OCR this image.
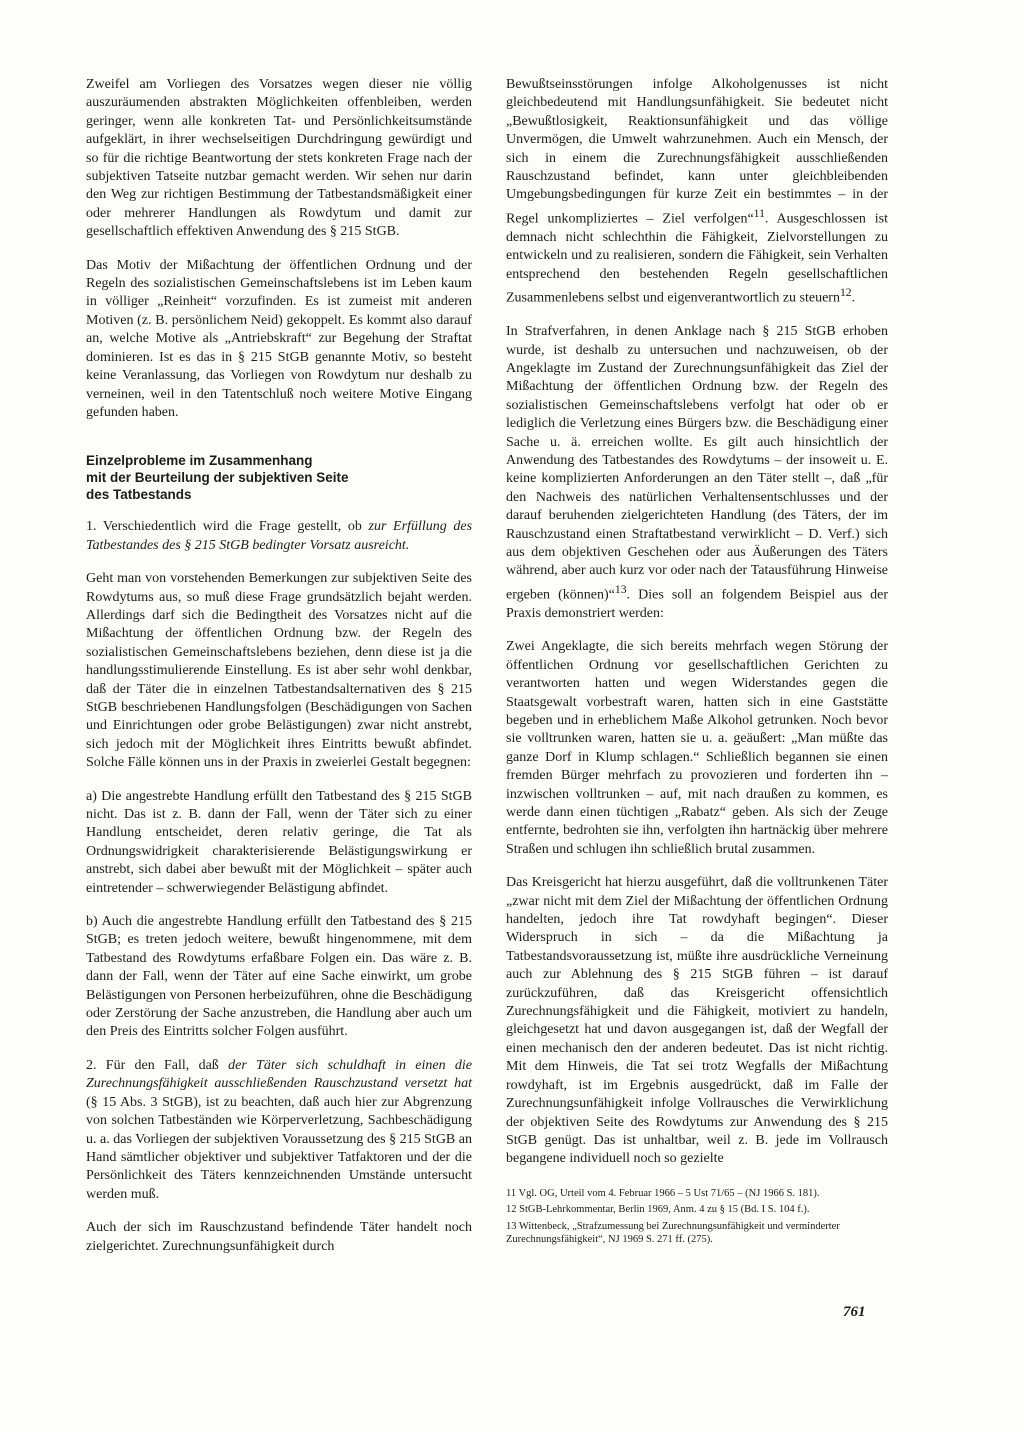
Zweifel am Vorliegen des Vorsatzes wegen dieser nie völlig auszuräumenden abstrakten Möglichkeiten offenbleiben, werden geringer, wenn alle konkreten Tat- und Persönlichkeitsumstände aufgeklärt, in ihrer wechselseitigen Durchdringung gewürdigt und so für die richtige Beantwortung der stets konkreten Frage nach der subjektiven Tatseite nutzbar gemacht werden. Wir sehen nur darin den Weg zur richtigen Bestimmung der Tatbestandsmäßigkeit einer oder mehrerer Handlungen als Rowdytum und damit zur gesellschaftlich effektiven Anwendung des § 215 StGB.

Das Motiv der Mißachtung der öffentlichen Ordnung und der Regeln des sozialistischen Gemeinschaftslebens ist im Leben kaum in völliger „Reinheit“ vorzufinden. Es ist zumeist mit anderen Motiven (z. B. persönlichem Neid) gekoppelt. Es kommt also darauf an, welche Motive als „Antriebskraft“ zur Begehung der Straftat dominieren. Ist es das in § 215 StGB genannte Motiv, so besteht keine Veranlassung, das Vorliegen von Rowdytum nur deshalb zu verneinen, weil in den Tatentschluß noch weitere Motive Eingang gefunden haben.

Einzelprobleme im Zusammenhang
mit der Beurteilung der subjektiven Seite
des Tatbestands

1. Verschiedentlich wird die Frage gestellt, ob zur Erfüllung des Tatbestandes des § 215 StGB bedingter Vorsatz ausreicht.

Geht man von vorstehenden Bemerkungen zur subjektiven Seite des Rowdytums aus, so muß diese Frage grundsätzlich bejaht werden. Allerdings darf sich die Bedingtheit des Vorsatzes nicht auf die Mißachtung der öffentlichen Ordnung bzw. der Regeln des sozialistischen Gemeinschaftslebens beziehen, denn diese ist ja die handlungsstimulierende Einstellung. Es ist aber sehr wohl denkbar, daß der Täter die in einzelnen Tatbestandsalternativen des § 215 StGB beschriebenen Handlungsfolgen (Beschädigungen von Sachen und Einrichtungen oder grobe Belästigungen) zwar nicht anstrebt, sich jedoch mit der Möglichkeit ihres Eintritts bewußt abfindet. Solche Fälle können uns in der Praxis in zweierlei Gestalt begegnen:

a) Die angestrebte Handlung erfüllt den Tatbestand des § 215 StGB nicht. Das ist z. B. dann der Fall, wenn der Täter sich zu einer Handlung entscheidet, deren relativ geringe, die Tat als Ordnungswidrigkeit charakterisierende Belästigungswirkung er anstrebt, sich dabei aber bewußt mit der Möglichkeit – später auch eintretender – schwerwiegender Belästigung abfindet.

b) Auch die angestrebte Handlung erfüllt den Tatbestand des § 215 StGB; es treten jedoch weitere, bewußt hingenommene, mit dem Tatbestand des Rowdytums erfaßbare Folgen ein. Das wäre z. B. dann der Fall, wenn der Täter auf eine Sache einwirkt, um grobe Belästigungen von Personen herbeizuführen, ohne die Beschädigung oder Zerstörung der Sache anzustreben, die Handlung aber auch um den Preis des Eintritts solcher Folgen ausführt.

2. Für den Fall, daß der Täter sich schuldhaft in einen die Zurechnungsfähigkeit ausschließenden Rauschzustand versetzt hat (§ 15 Abs. 3 StGB), ist zu beachten, daß auch hier zur Abgrenzung von solchen Tatbeständen wie Körperverletzung, Sachbeschädigung u. a. das Vorliegen der subjektiven Voraussetzung des § 215 StGB an Hand sämtlicher objektiver und subjektiver Tatfaktoren und der die Persönlichkeit des Täters kennzeichnenden Umstände untersucht werden muß.

Auch der sich im Rauschzustand befindende Täter handelt noch zielgerichtet. Zurechnungsunfähigkeit durch

Bewußtseinsstörungen infolge Alkoholgenusses ist nicht gleichbedeutend mit Handlungsunfähigkeit. Sie bedeutet nicht „Bewußtlosigkeit, Reaktionsunfähigkeit und das völlige Unvermögen, die Umwelt wahrzunehmen. Auch ein Mensch, der sich in einem die Zurechnungsfähigkeit ausschließenden Rauschzustand befindet, kann unter gleichbleibenden Umgebungsbedingungen für kurze Zeit ein bestimmtes – in der Regel unkompliziertes – Ziel verfolgen“$^{11}$. Ausgeschlossen ist demnach nicht schlechthin die Fähigkeit, Zielvorstellungen zu entwickeln und zu realisieren, sondern die Fähigkeit, sein Verhalten entsprechend den bestehenden Regeln gesellschaftlichen Zusammenlebens selbst und eigenverantwortlich zu steuern$^{12}$.

In Strafverfahren, in denen Anklage nach § 215 StGB erhoben wurde, ist deshalb zu untersuchen und nachzuweisen, ob der Angeklagte im Zustand der Zurechnungsunfähigkeit das Ziel der Mißachtung der öffentlichen Ordnung bzw. der Regeln des sozialistischen Gemeinschaftslebens verfolgt hat oder ob er lediglich die Verletzung eines Bürgers bzw. die Beschädigung einer Sache u. ä. erreichen wollte. Es gilt auch hinsichtlich der Anwendung des Tatbestandes des Rowdytums – der insoweit u. E. keine komplizierten Anforderungen an den Täter stellt –, daß „für den Nachweis des natürlichen Verhaltensentschlusses und der darauf beruhenden zielgerichteten Handlung (des Täters, der im Rauschzustand einen Straftatbestand verwirklicht – D. Verf.) sich aus dem objektiven Geschehen oder aus Äußerungen des Täters während, aber auch kurz vor oder nach der Tatausführung Hinweise ergeben (können)“$^{13}$. Dies soll an folgendem Beispiel aus der Praxis demonstriert werden:

Zwei Angeklagte, die sich bereits mehrfach wegen Störung der öffentlichen Ordnung vor gesellschaftlichen Gerichten zu verantworten hatten und wegen Widerstandes gegen die Staatsgewalt vorbestraft waren, hatten sich in eine Gaststätte begeben und in erheblichem Maße Alkohol getrunken. Noch bevor sie volltrunken waren, hatten sie u. a. geäußert: „Man müßte das ganze Dorf in Klump schlagen.“ Schließlich begannen sie einen fremden Bürger mehrfach zu provozieren und forderten ihn – inzwischen volltrunken – auf, mit nach draußen zu kommen, es werde dann einen tüchtigen „Rabatz“ geben. Als sich der Zeuge entfernte, bedrohten sie ihn, verfolgten ihn hartnäckig über mehrere Straßen und schlugen ihn schließlich brutal zusammen.

Das Kreisgericht hat hierzu ausgeführt, daß die volltrunkenen Täter „zwar nicht mit dem Ziel der Mißachtung der öffentlichen Ordnung handelten, jedoch ihre Tat rowdyhaft begingen“. Dieser Widerspruch in sich – da die Mißachtung ja Tatbestandsvoraussetzung ist, müßte ihre ausdrückliche Verneinung auch zur Ablehnung des § 215 StGB führen – ist darauf zurückzuführen, daß das Kreisgericht offensichtlich Zurechnungsfähigkeit und die Fähigkeit, motiviert zu handeln, gleichgesetzt hat und davon ausgegangen ist, daß der Wegfall der einen mechanisch den der anderen bedeutet. Das ist nicht richtig. Mit dem Hinweis, die Tat sei trotz Wegfalls der Mißachtung rowdyhaft, ist im Ergebnis ausgedrückt, daß im Falle der Zurechnungsunfähigkeit infolge Vollrausches die Verwirklichung der objektiven Seite des Rowdytums zur Anwendung des § 215 StGB genügt. Das ist unhaltbar, weil z. B. jede im Vollrausch begangene individuell noch so gezielte

11 Vgl. OG, Urteil vom 4. Februar 1966 – 5 Ust 71/65 – (NJ 1966 S. 181).

12 StGB-Lehrkommentar, Berlin 1969, Anm. 4 zu § 15 (Bd. I S. 104 f.).

13 Wittenbeck, „Strafzumessung bei Zurechnungsunfähigkeit und verminderter Zurechnungsfähigkeit“, NJ 1969 S. 271 ff. (275).

761
